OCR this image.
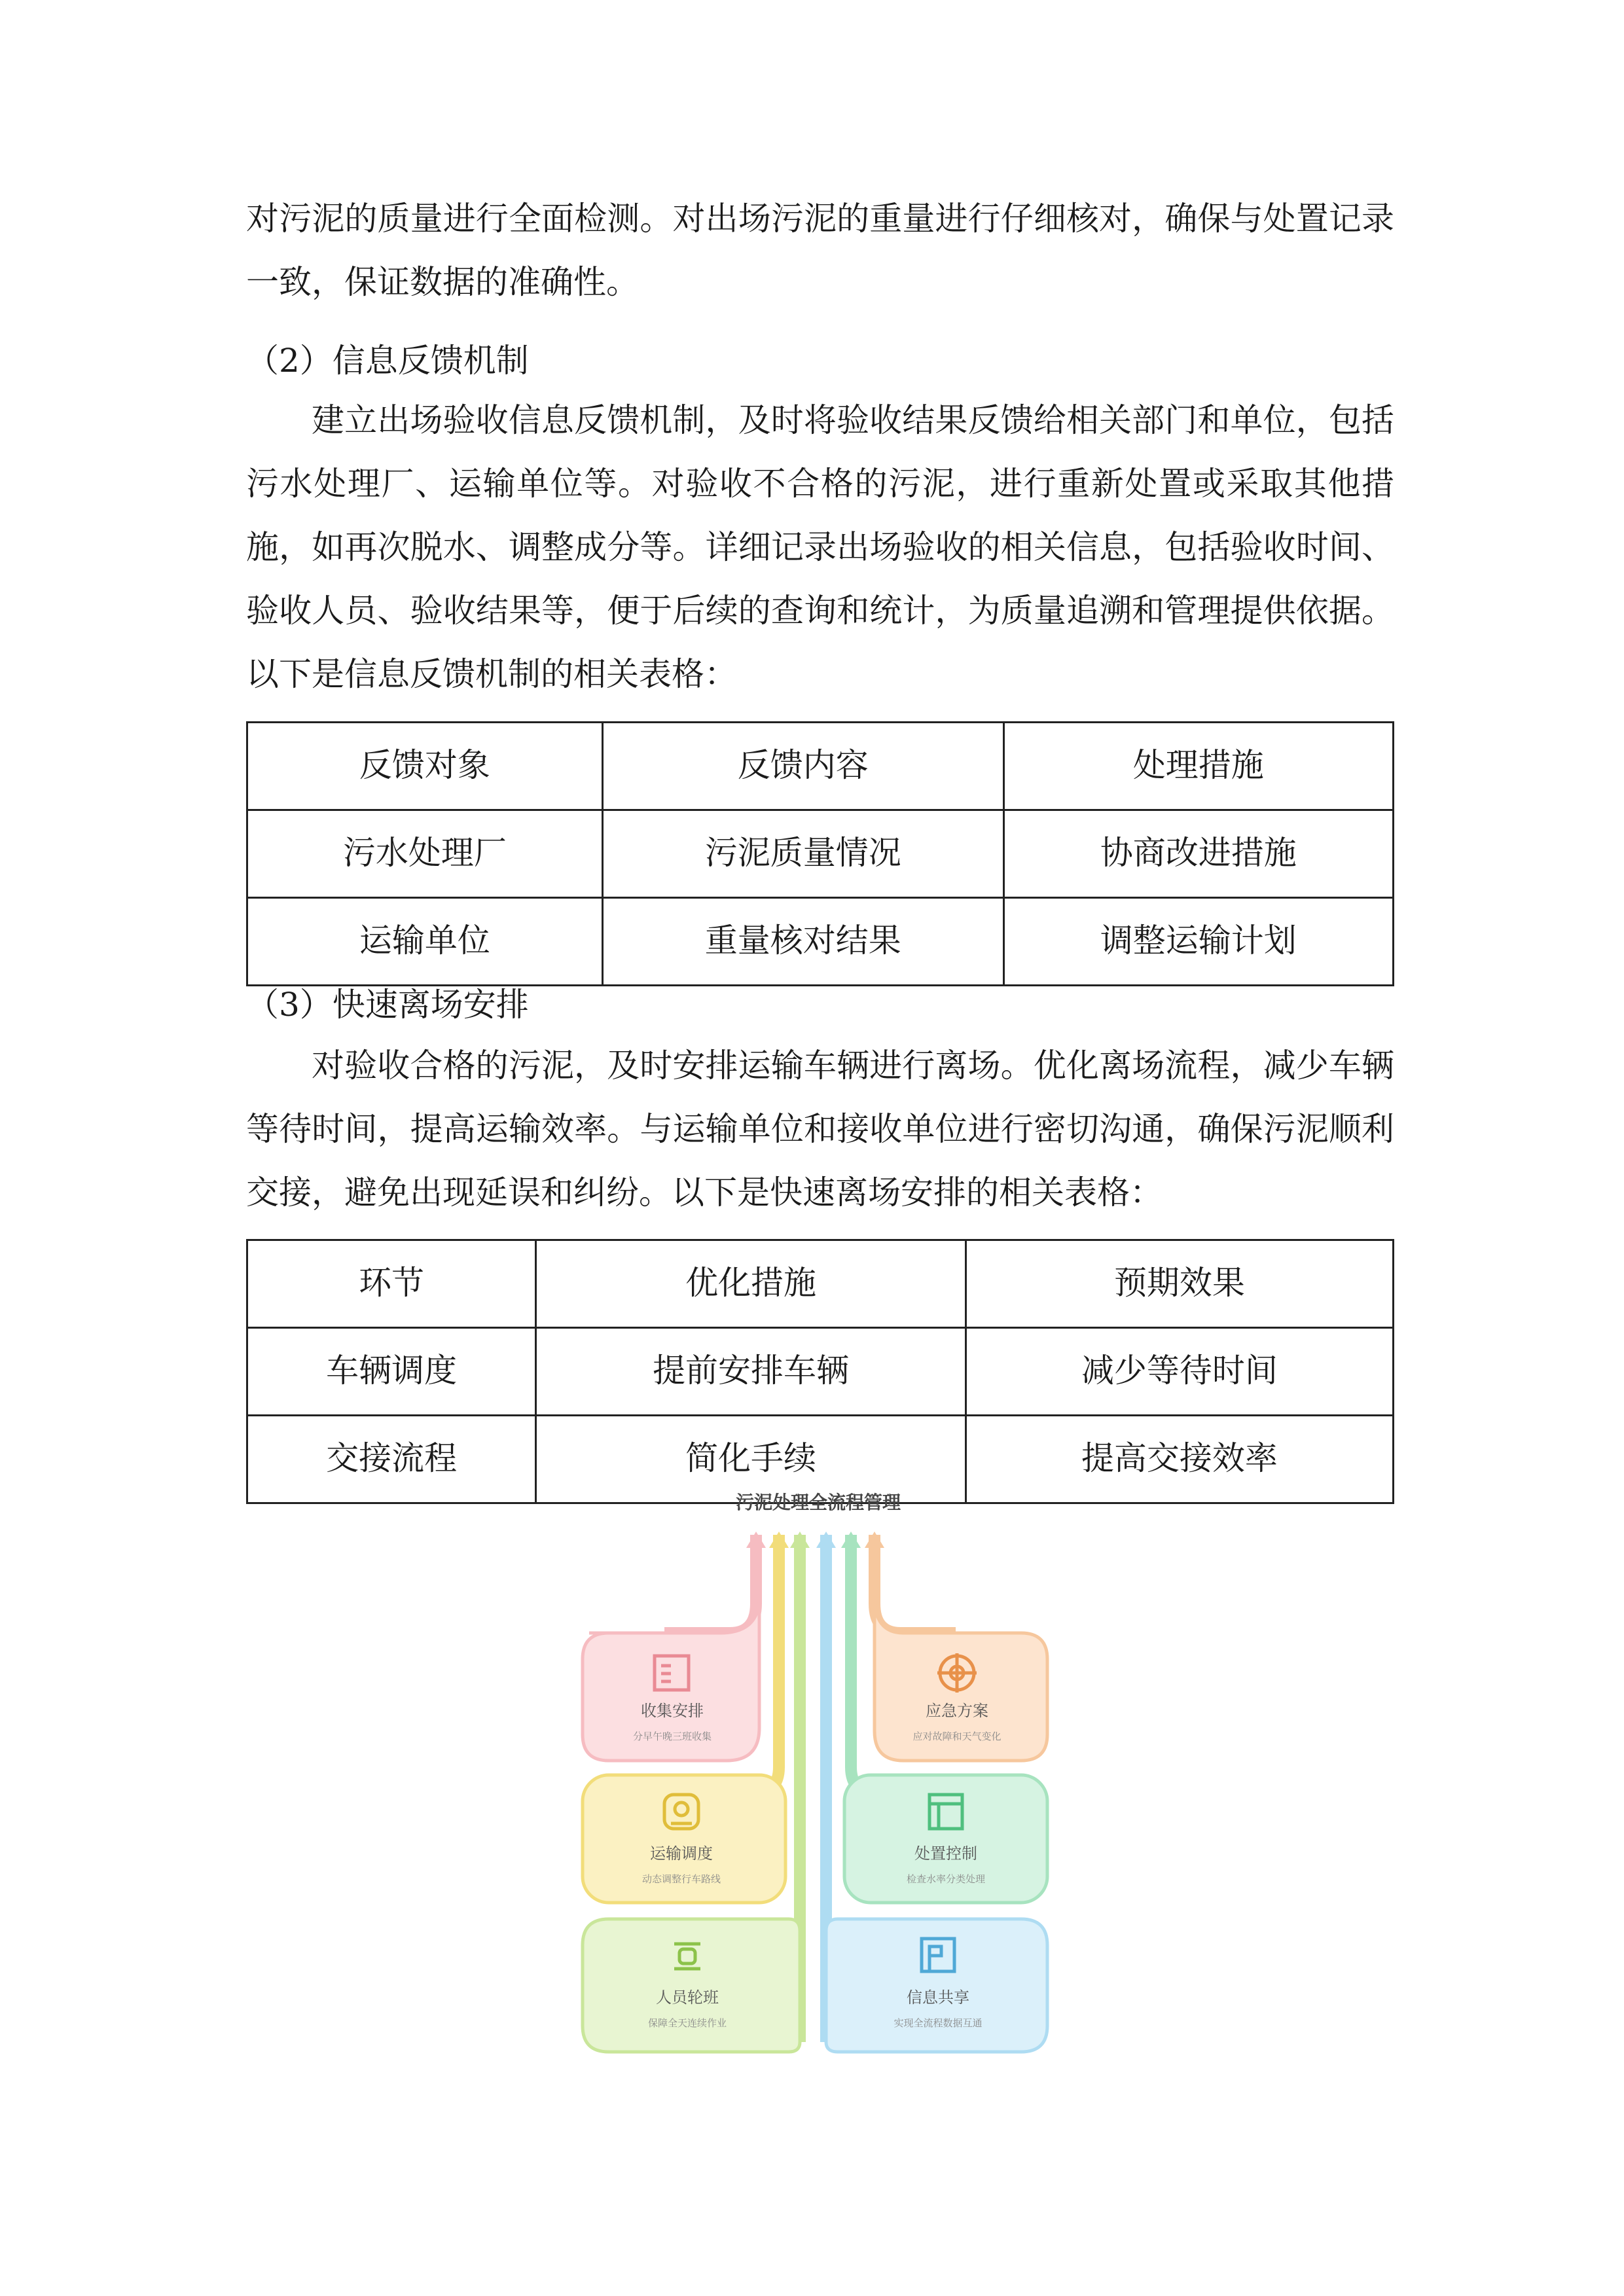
对污泥的质量进行全面检测。对出场污泥的重量进行仔细核对，确保与处置记录一致，保证数据的准确性。

（2）信息反馈机制

建立出场验收信息反馈机制，及时将验收结果反馈给相关部门和单位，包括污水处理厂、运输单位等。对验收不合格的污泥，进行重新处置或采取其他措施，如再次脱水、调整成分等。详细记录出场验收的相关信息，包括验收时间、验收人员、验收结果等，便于后续的查询和统计，为质量追溯和管理提供依据。以下是信息反馈机制的相关表格：

反馈对象	反馈内容	处理措施
污水处理厂	污泥质量情况	协商改进措施
运输单位	重量核对结果	调整运输计划

（3）快速离场安排

对验收合格的污泥，及时安排运输车辆进行离场。优化离场流程，减少车辆等待时间，提高运输效率。与运输单位和接收单位进行密切沟通，确保污泥顺利交接，避免出现延误和纠纷。以下是快速离场安排的相关表格：

环节	优化措施	预期效果
车辆调度	提前安排车辆	减少等待时间
交接流程	简化手续	提高交接效率
污泥处理全流程管理
收集安排
分早午晚三班收集
运输调度
动态调整行车路线
人员轮班
保障全天连续作业
应急方案
应对故障和天气变化
处置控制
检查水率分类处理
信息共享
实现全流程数据互通
